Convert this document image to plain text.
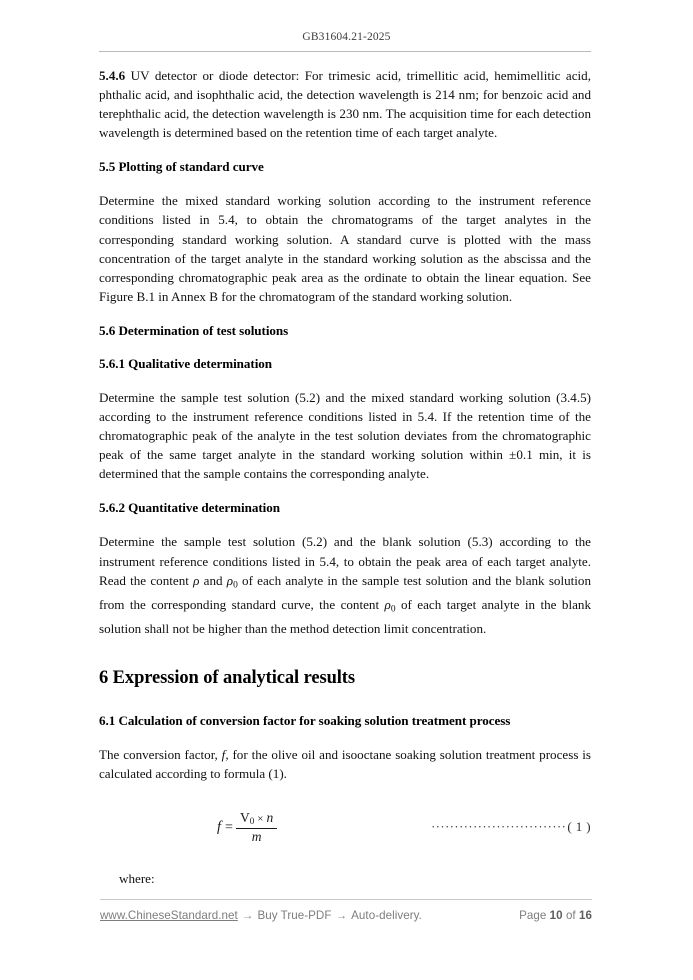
GB31604.21-2025

5.4.6 UV detector or diode detector: For trimesic acid, trimellitic acid, hemimellitic acid, phthalic acid, and isophthalic acid, the detection wavelength is 214 nm; for benzoic acid and terephthalic acid, the detection wavelength is 230 nm. The acquisition time for each detection wavelength is determined based on the retention time of each target analyte.

5.5 Plotting of standard curve

Determine the mixed standard working solution according to the instrument reference conditions listed in 5.4, to obtain the chromatograms of the target analytes in the corresponding standard working solution. A standard curve is plotted with the mass concentration of the target analyte in the standard working solution as the abscissa and the corresponding chromatographic peak area as the ordinate to obtain the linear equation. See Figure B.1 in Annex B for the chromatogram of the standard working solution.

5.6 Determination of test solutions
5.6.1 Qualitative determination

Determine the sample test solution (5.2) and the mixed standard working solution (3.4.5) according to the instrument reference conditions listed in 5.4. If the retention time of the chromatographic peak of the analyte in the test solution deviates from the chromatographic peak of the same target analyte in the standard working solution within ±0.1 min, it is determined that the sample contains the corresponding analyte.

5.6.2 Quantitative determination

Determine the sample test solution (5.2) and the blank solution (5.3) according to the instrument reference conditions listed in 5.4, to obtain the peak area of each target analyte. Read the content ρ and $\rho_0$ of each analyte in the sample test solution and the blank solution from the corresponding standard curve, the content $\rho_0$ of each target analyte in the blank solution shall not be higher than the method detection limit concentration.

6 Expression of analytical results
6.1 Calculation of conversion factor for soaking solution treatment process

The conversion factor, f, for the olive oil and isooctane soaking solution treatment process is calculated according to formula (1).

$f = \frac{V0 \times n}{m}$	····························· ( 1 )
where:
www.ChineseStandard.net → Buy True-PDF → Auto-delivery.	Page 10 of 16
